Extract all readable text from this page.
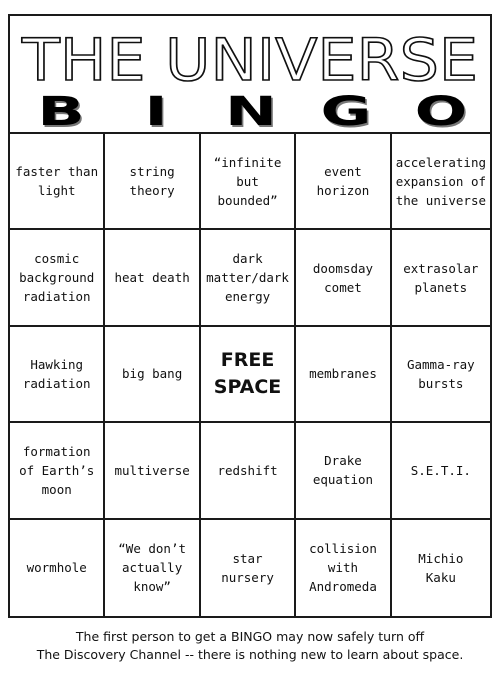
THE UNIVERSE
B	I	N	G	O
faster than
light
string
theory
“infinite but
bounded”
event
horizon
accelerating
expansion of
the universe
cosmic
background
radiation
heat death
dark
matter/dark
energy
doomsday
comet
extrasolar
planets
Hawking
radiation
big bang
FREE
SPACE
membranes
Gamma-ray
bursts
formation
of Earth’s
moon
multiverse	redshift
Drake
equation
S.E.T.I.
wormhole
“We don’t
actually
know”
star
nursery
collision
with
Andromeda
Michio
Kaku
The first person to get a BINGO may now safely turn off
The Discovery Channel -- there is nothing new to learn about space.
